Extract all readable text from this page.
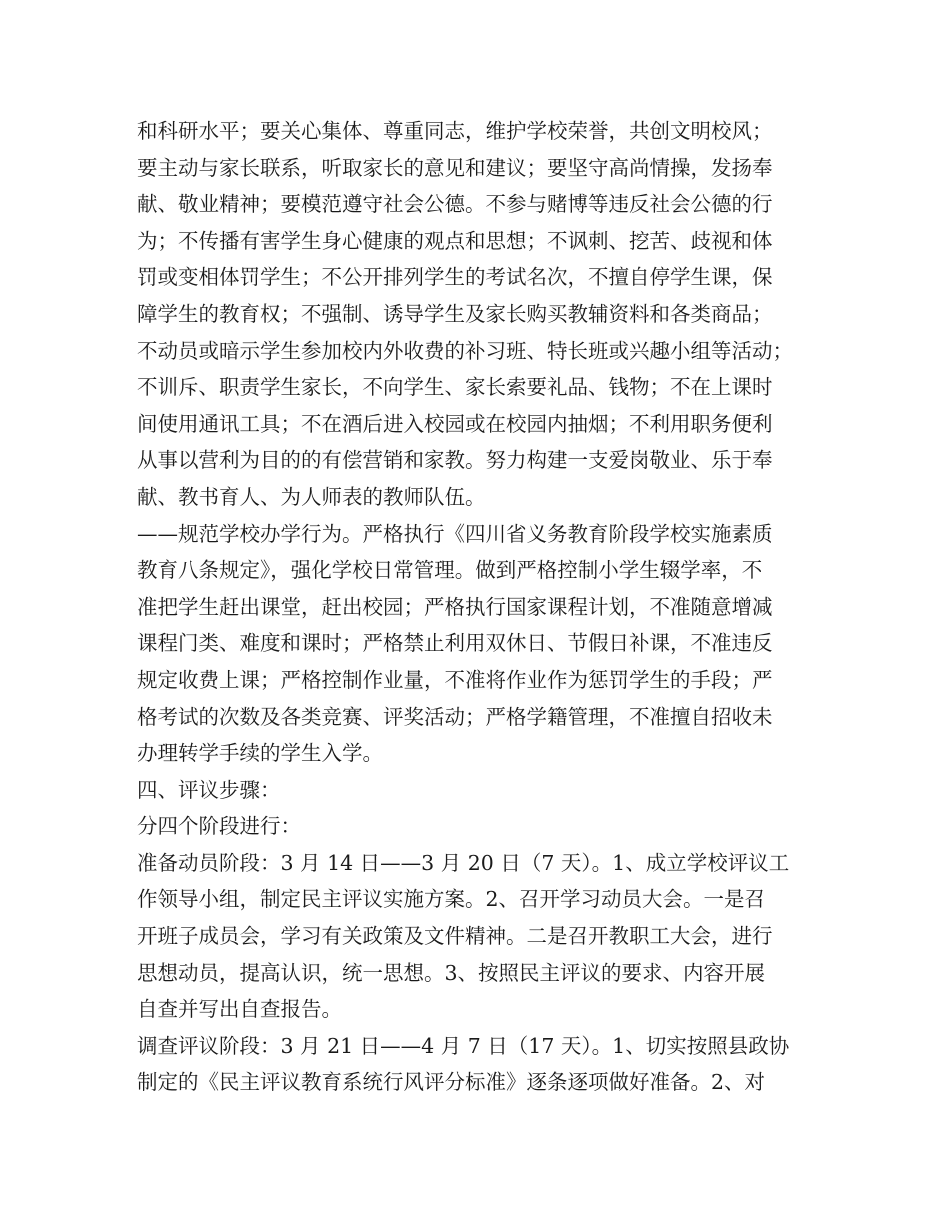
和科研水平；要关心集体、尊重同志，维护学校荣誉，共创文明校风；
要主动与家长联系，听取家长的意见和建议；要坚守高尚情操，发扬奉
献、敬业精神；要模范遵守社会公德。不参与赌博等违反社会公德的行
为；不传播有害学生身心健康的观点和思想；不讽刺、挖苦、歧视和体
罚或变相体罚学生；不公开排列学生的考试名次，不擅自停学生课，保
障学生的教育权；不强制、诱导学生及家长购买教辅资料和各类商品；
不动员或暗示学生参加校内外收费的补习班、特长班或兴趣小组等活动；
不训斥、职责学生家长，不向学生、家长索要礼品、钱物；不在上课时
间使用通讯工具；不在酒后进入校园或在校园内抽烟；不利用职务便利
从事以营利为目的的有偿营销和家教。努力构建一支爱岗敬业、乐于奉
献、教书育人、为人师表的教师队伍。
——规范学校办学行为。严格执行《四川省义务教育阶段学校实施素质
教育八条规定》，强化学校日常管理。做到严格控制小学生辍学率，不
准把学生赶出课堂，赶出校园；严格执行国家课程计划，不准随意增减
课程门类、难度和课时；严格禁止利用双休日、节假日补课，不准违反
规定收费上课；严格控制作业量，不准将作业作为惩罚学生的手段；严
格考试的次数及各类竞赛、评奖活动；严格学籍管理，不准擅自招收未
办理转学手续的学生入学。
四、评议步骤：
分四个阶段进行：
准备动员阶段：3 月 14 日——3 月 20 日（7 天）。1、成立学校评议工
作领导小组，制定民主评议实施方案。2、召开学习动员大会。一是召
开班子成员会，学习有关政策及文件精神。二是召开教职工大会，进行
思想动员，提高认识，统一思想。3、按照民主评议的要求、内容开展
自查并写出自查报告。
调查评议阶段：3 月 21 日——4 月 7 日（17 天）。1、切实按照县政协
制定的《民主评议教育系统行风评分标准》逐条逐项做好准备。2、对
